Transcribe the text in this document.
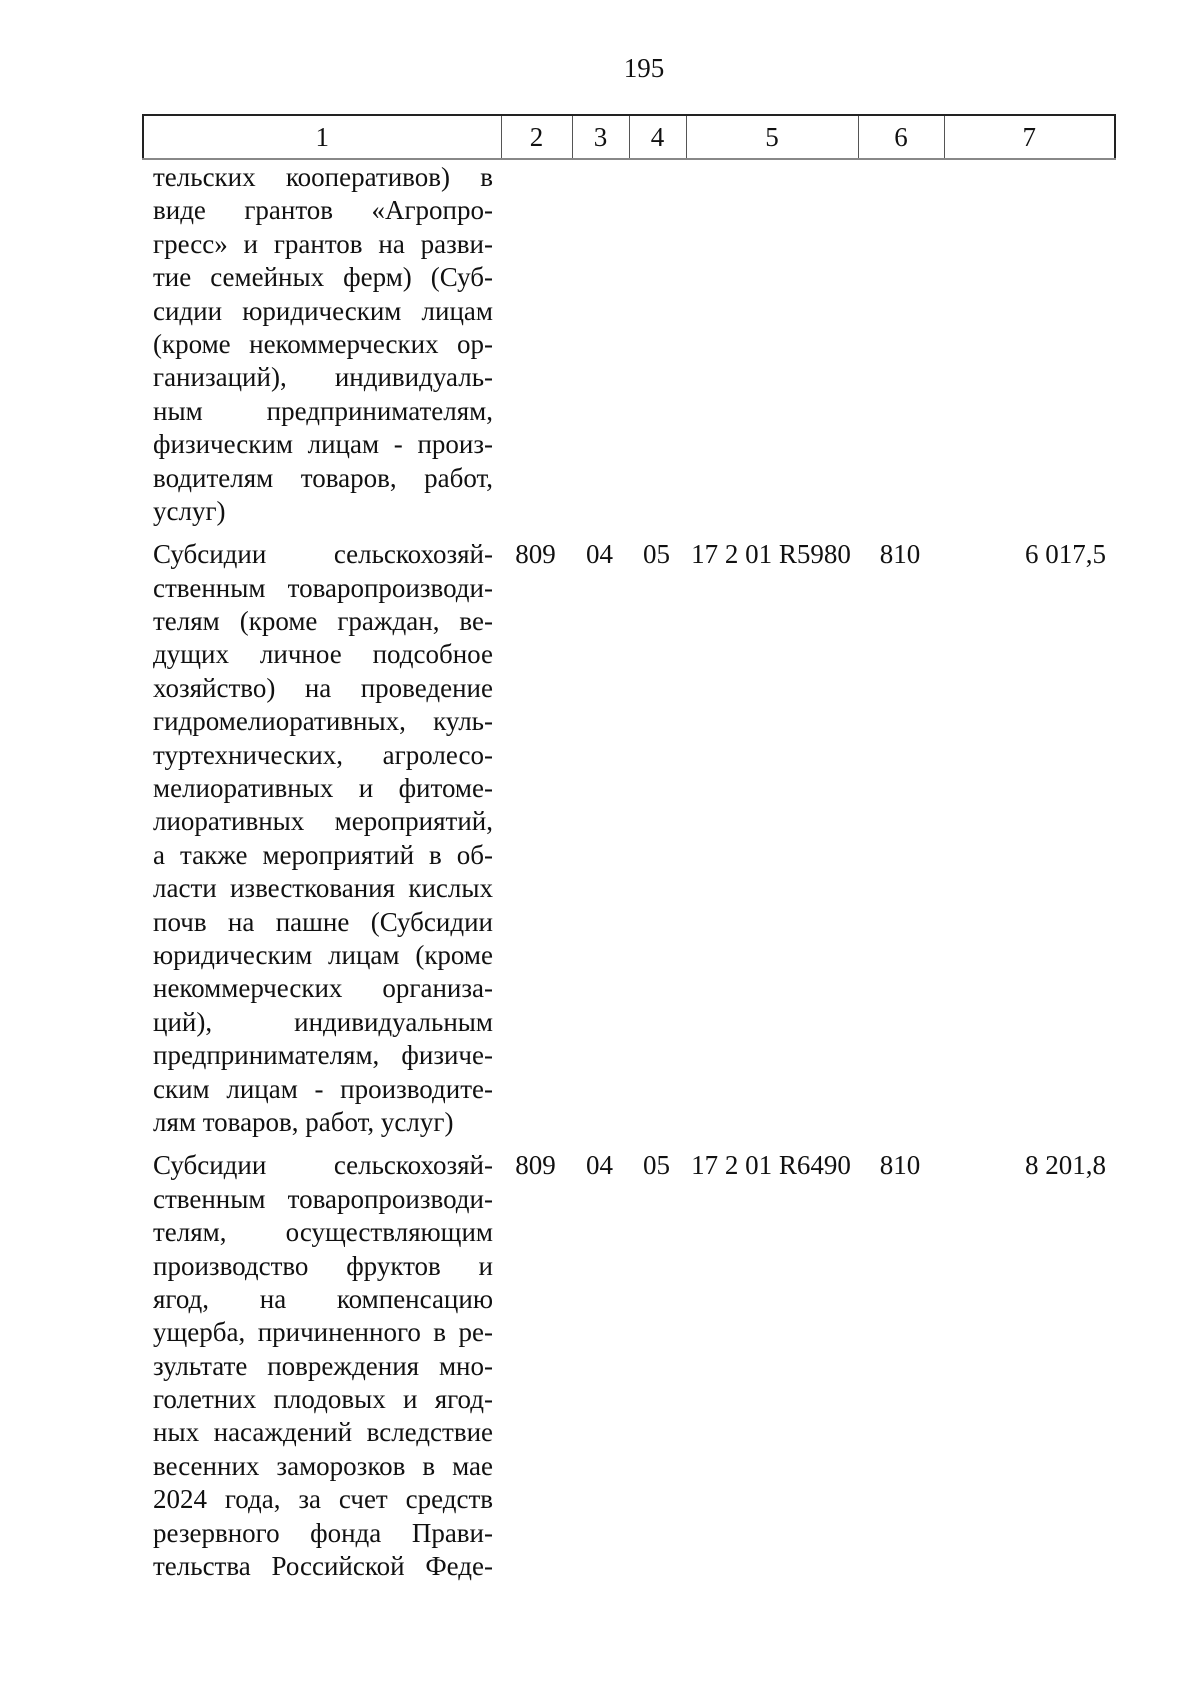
195
1	2	3	4	5	6	7
тельских кооперативов) в
виде грантов «Агропро-
гресс» и грантов на разви-
тие семейных ферм) (Суб-
сидии юридическим лицам
(кроме некоммерческих ор-
ганизаций), индивидуаль-
ным предпринимателям,
физическим лицам - произ-
водителям товаров, работ,
услуг)

Субсидии сельскохозяй-
ственным товаропроизводи-
телям (кроме граждан, ве-
дущих личное подсобное
хозяйство) на проведение
гидромелиоративных, куль-
туртехнических, агролесо-
мелиоративных и фитоме-
лиоративных мероприятий,
а также мероприятий в об-
ласти известкования кислых
почв на пашне (Субсидии
юридическим лицам (кроме
некоммерческих организа-
ций), индивидуальным
предпринимателям, физиче-
ским лицам - производите-
лям товаров, работ, услуг)
	809	04	05	17 2 01 R5980	810	6 017,5

Субсидии сельскохозяй-
ственным товаропроизводи-
телям, осуществляющим
производство фруктов и
ягод, на компенсацию
ущерба, причиненного в ре-
зультате повреждения мно-
голетних плодовых и ягод-
ных насаждений вследствие
весенних заморозков в мае
2024 года, за счет средств
резервного фонда Прави-
тельства Российской Феде-
	809	04	05	17 2 01 R6490	810	8 201,8
